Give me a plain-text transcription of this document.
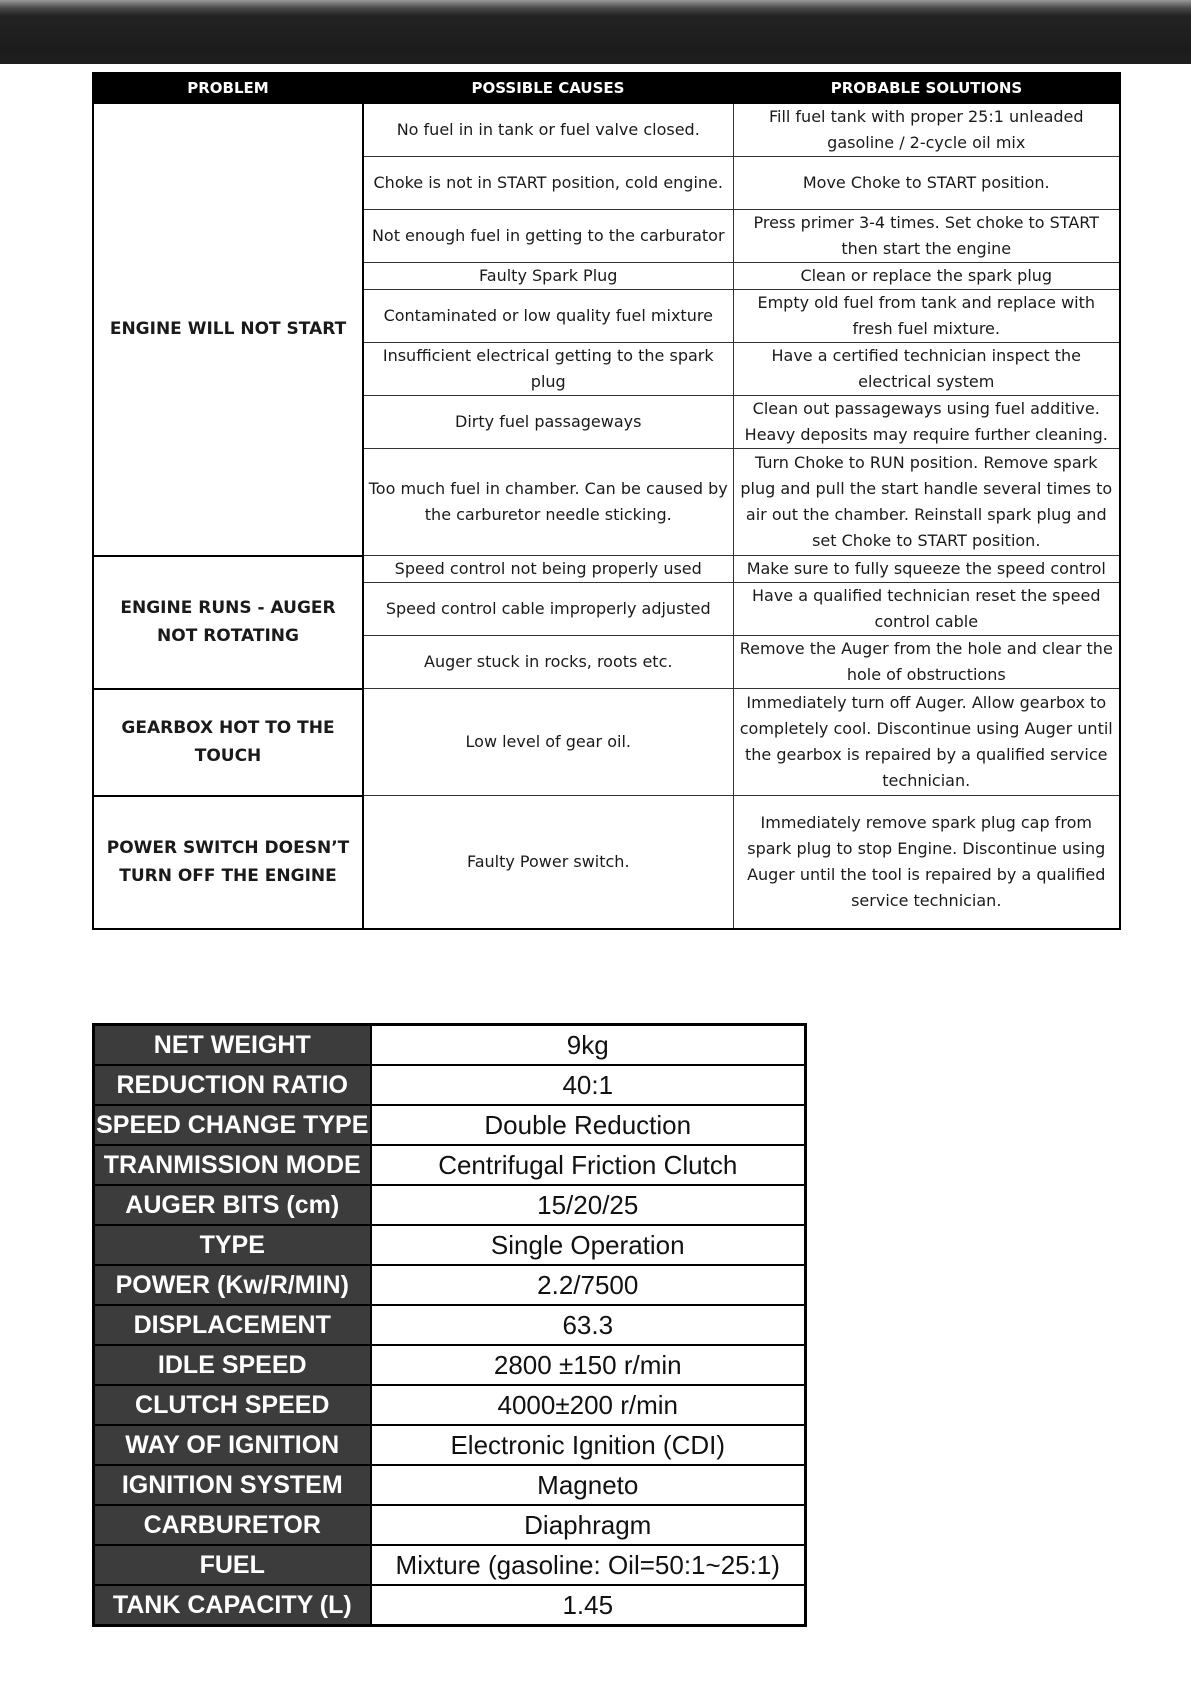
PROBLEM	POSSIBLE CAUSES	PROBABLE SOLUTIONS
ENGINE WILL NOT START	No fuel in in tank or fuel valve closed.	Fill fuel tank with proper 25:1 unleaded gasoline / 2-cycle oil mix
	Choke is not in START position, cold engine.	Move Choke to START position.
	Not enough fuel in getting to the carburator	Press primer 3-4 times. Set choke to START then start the engine
	Faulty Spark Plug	Clean or replace the spark plug
	Contaminated or low quality fuel mixture	Empty old fuel from tank and replace with fresh fuel mixture.
	Insufficient electrical getting to the spark plug	Have a certified technician inspect the electrical system
	Dirty fuel passageways	Clean out passageways using fuel additive. Heavy deposits may require further cleaning.
	Too much fuel in chamber. Can be caused by the carburetor needle sticking.	Turn Choke to RUN position. Remove spark plug and pull the start handle several times to air out the chamber. Reinstall spark plug and set Choke to START position.
ENGINE RUNS - AUGER NOT ROTATING	Speed control not being properly used	Make sure to fully squeeze the speed control
	Speed control cable improperly adjusted	Have a qualified technician reset the speed control cable
	Auger stuck in rocks, roots etc.	Remove the Auger from the hole and clear the hole of obstructions
GEARBOX HOT TO THE TOUCH	Low level of gear oil.	Immediately turn off Auger. Allow gearbox to completely cool. Discontinue using Auger until the gearbox is repaired by a qualified service technician.
POWER SWITCH DOESN’T TURN OFF THE ENGINE	Faulty Power switch.	Immediately remove spark plug cap from spark plug to stop Engine. Discontinue using Auger until the tool is repaired by a qualified service technician.
NET WEIGHT	9kg
REDUCTION RATIO	40:1
SPEED CHANGE TYPE	Double Reduction
TRANMISSION MODE	Centrifugal Friction Clutch
AUGER BITS (cm)	15/20/25
TYPE	Single Operation
POWER (Kw/R/MIN)	2.2/7500
DISPLACEMENT	63.3
IDLE SPEED	2800 ±150 r/min
CLUTCH SPEED	4000±200 r/min
WAY OF IGNITION	Electronic Ignition (CDI)
IGNITION SYSTEM	Magneto
CARBURETOR	Diaphragm
FUEL	Mixture (gasoline: Oil=50:1~25:1)
TANK CAPACITY (L)	1.45
